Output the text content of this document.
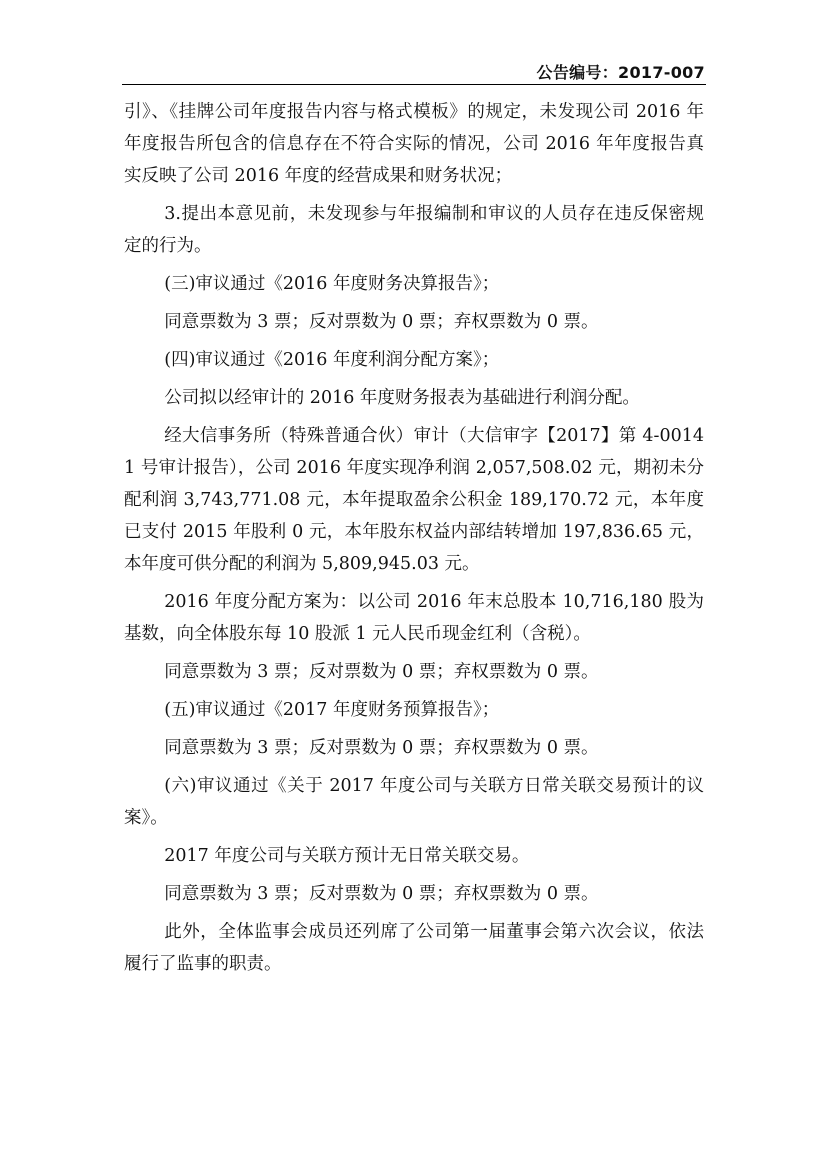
公告编号：2017-007

引》、《挂牌公司年度报告内容与格式模板》的规定，未发现公司 2016 年年度报告所包含的信息存在不符合实际的情况，公司 2016 年年度报告真实反映了公司 2016 年度的经营成果和财务状况；

3.提出本意见前，未发现参与年报编制和审议的人员存在违反保密规定的行为。

(三)审议通过《2016 年度财务决算报告》；

同意票数为 3 票；反对票数为 0 票；弃权票数为 0 票。

(四)审议通过《2016 年度利润分配方案》；

公司拟以经审计的 2016 年度财务报表为基础进行利润分配。

经大信事务所（特殊普通合伙）审计（大信审字【2017】第 4-00141 号审计报告），公司 2016 年度实现净利润 2,057,508.02 元，期初未分配利润 3,743,771.08 元，本年提取盈余公积金 189,170.72 元，本年度已支付 2015 年股利 0 元，本年股东权益内部结转增加 197,836.65 元，本年度可供分配的利润为 5,809,945.03 元。

2016 年度分配方案为：以公司 2016 年末总股本 10,716,180 股为基数，向全体股东每 10 股派 1 元人民币现金红利（含税）。

同意票数为 3 票；反对票数为 0 票；弃权票数为 0 票。

(五)审议通过《2017 年度财务预算报告》；

同意票数为 3 票；反对票数为 0 票；弃权票数为 0 票。

(六)审议通过《关于 2017 年度公司与关联方日常关联交易预计的议案》。

2017 年度公司与关联方预计无日常关联交易。

同意票数为 3 票；反对票数为 0 票；弃权票数为 0 票。

此外，全体监事会成员还列席了公司第一届董事会第六次会议，依法履行了监事的职责。
